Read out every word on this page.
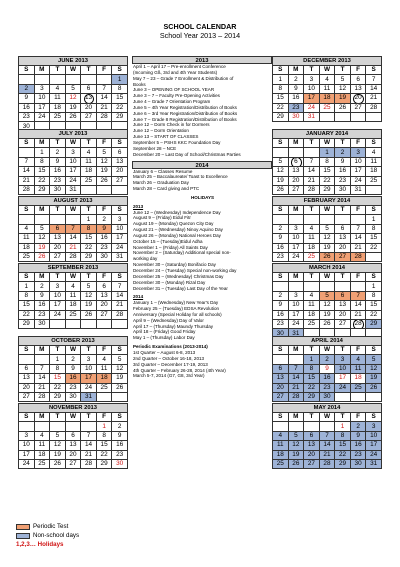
SCHOOL CALENDAR
School Year 2013 – 2014
JUNE 2013						
S	M	T	W	T	F	S
						1
2	3	4	5	6	7	8
9	10	11	12	13	14	15
16	17	18	19	20	21	22
23	24	25	26	27	28	29
30						
JULY 2013						
S	M	T	W	T	F	S
	1	2	3	4	5	6
7	8	9	10	11	12	13
14	15	16	17	18	19	20
21	22	23	24	25	26	27
28	29	30	31			
AUGUST 2013						
S	M	T	W	T	F	S
				1	2	3
4	5	6	7	8	9	10
11	12	13	14	15	16	17
18	19	20	21	22	23	24
25	26	27	28	29	30	31
SEPTEMBER 2013						
S	M	T	W	T	F	S
1	2	3	4	5	6	7
8	9	10	11	12	13	14
15	16	17	18	19	20	21
22	23	24	25	26	27	28
29	30					
OCTOBER 2013						
S	M	T	W	T	F	S
		1	2	3	4	5
6	7	8	9	10	11	12
13	14	15	16	17	18	19
20	21	22	23	24	25	26
27	28	29	30	31		
NOVEMBER 2013						
S	M	T	W	T	F	S
					1	2
3	4	5	6	7	8	9
10	11	12	13	14	15	16
17	18	19	20	21	22	23
24	25	26	27	28	29	30
DECEMBER 2013						
S	M	T	W	T	F	S
1	2	3	4	5	6	7
8	9	10	11	12	13	14
15	16	17	18	19	20	21
22	23	24	25	26	27	28
29	30	31				
JANUARY 2014						
S	M	T	W	T	F	S
			1	2	3	4
5	6	7	8	9	10	11
12	13	14	15	16	17	18
19	20	21	22	23	24	25
26	27	28	29	30	31	
FEBRUARY 2014						
S	M	T	W	T	F	S
						1
2	3	4	5	6	7	8
9	10	11	12	13	14	15
16	17	18	19	20	21	22
23	24	25	26	27	28	
MARCH 2014						
S	M	T	W	T	F	S
						1
2	3	4	5	6	7	8
9	10	11	12	13	14	15
16	17	18	19	20	21	22
23	24	25	26	27	28	29
30	31					
APRIL 2014						
S	M	T	W	T	F	S
		1	2	3	4	5
6	7	8	9	10	11	12
13	14	15	16	17	18	19
20	21	22	23	24	25	26
27	28	29	30			
MAY 2014						
S	M	T	W	T	F	S
				1	2	3
4	5	6	7	8	9	10
11	12	13	14	15	16	17
18	19	20	21	22	23	24
25	26	27	28	29	30	31
2013
April 1 – April 17 – Pre-enrollment Conference
(Incoming Gß, 3rd and 4th Year Students)
May 7 – 23 – Grade 7 Enrollment & Distribution of
Books
June 3 – OPENING OF SCHOOL YEAR
June 3 – 7 – Faculty Pre-Opening Activities
June 4 – Grade 7 Orientation Program
June 5 – 4th Year Registration/Distribution of Books
June 6 – 3rd Year Registration/Distribution of Books
June 7 – Grade 8 Registration/Distribution of Books
June 12 – Dorm Check in for Dormers
June 12 – Dorm Orientation
June 13 – START OF CLASSES
September 5 – PSHS KKC Foundation Day
September 28 – NCE
December 20 – Last Day of School/Christmas Parties
2014
January 6 – Classes Resume
March 25 – Baccalaureate/ Toast to Excellence
March 26 – Graduation Day
March 28 – Card giving and PTC
HOLIDAYS
2013
June 12 – (Wednesday) Independence Day
August 9 – (Friday) Eidul Fitr
August 19 – (Monday) Quezon City Day
August 21 – (Wednesday) Ninoy Aquino Day
August 26 – (Monday) National Heroes Day
October 15 – (Tuesday)Eidul Adha
November 1 – (Friday) All Saints Day
November 2 – (Saturday) Additional special non-
working day
November 30 – (Saturday) Bonifacio Day
December 24 – (Tuesday) Special non-working day
December 25 – (Wednesday) Christmas Day
December 30 – (Monday) Rizal Day
December 31 – (Tuesday) Last Day of the Year
2014
January 1 – (Wednesday) New Year's Day
February 25 – (Tuesday) EDSA Revolution
Anniversary (Special Holiday for all schools)
April 9 – (Wednesday) Day of Valor
April 17 – (Thursday) Maundy Thursday
April 18 – (Friday) Good Friday
May 1 – (Thursday) Labor Day
Periodic Examinations (2013-2014)
1st Quarter – August 6-8, 2013
2nd Quarter – October 16-18, 2013
3rd Quarter – December 17-19, 2013
4th Quarter – February 26-28, 2014 (4th Year)
March 5-7, 2014 (G7, G8, 3rd Year)
Periodic Test
Non-school days
1,2,3… Holidays
